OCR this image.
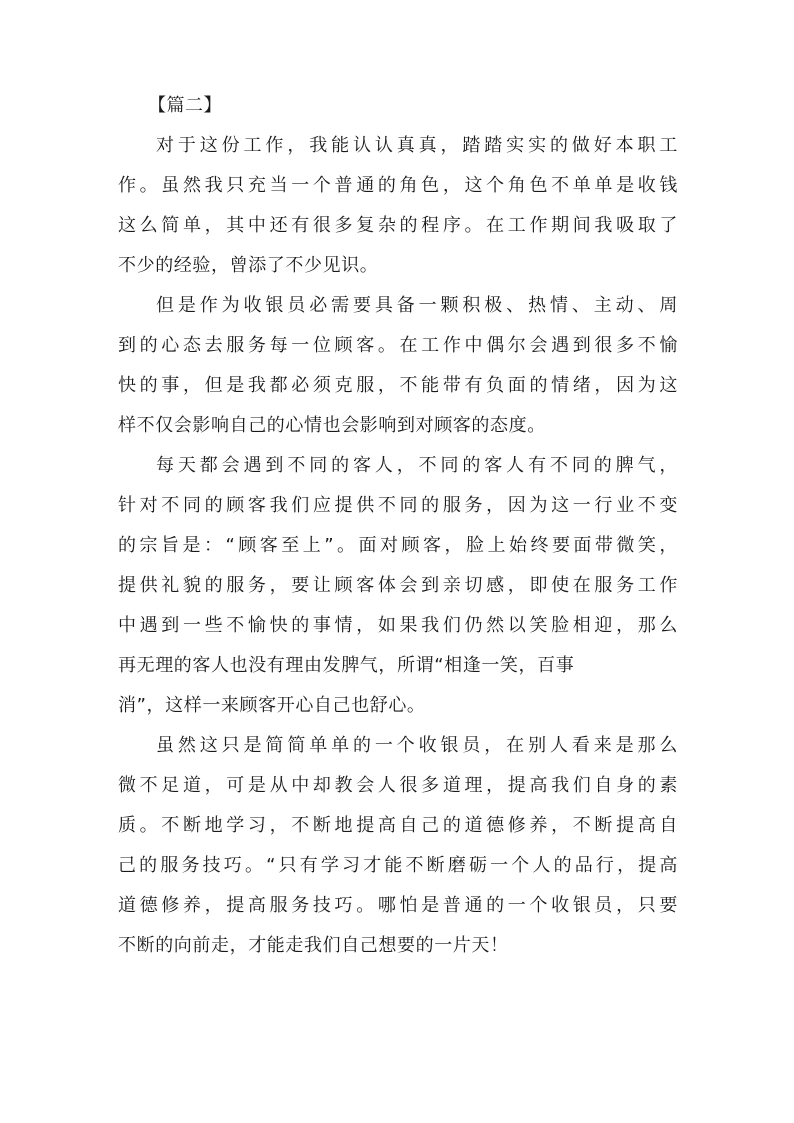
【篇二】
对于这份工作，我能认认真真，踏踏实实的做好本职工
作。虽然我只充当一个普通的角色，这个角色不单单是收钱
这么简单，其中还有很多复杂的程序。在工作期间我吸取了
不少的经验，曾添了不少见识。
但是作为收银员必需要具备一颗积极、热情、主动、周
到的心态去服务每一位顾客。在工作中偶尔会遇到很多不愉
快的事，但是我都必须克服，不能带有负面的情绪，因为这
样不仅会影响自己的心情也会影响到对顾客的态度。
每天都会遇到不同的客人，不同的客人有不同的脾气，
针对不同的顾客我们应提供不同的服务，因为这一行业不变
的宗旨是：“顾客至上”。面对顾客，脸上始终要面带微笑，
提供礼貌的服务，要让顾客体会到亲切感，即使在服务工作
中遇到一些不愉快的事情，如果我们仍然以笑脸相迎，那么
再无理的客人也没有理由发脾气，所谓“相逢一笑，百事
消”，这样一来顾客开心自己也舒心。
虽然这只是简简单单的一个收银员，在别人看来是那么
微不足道，可是从中却教会人很多道理，提高我们自身的素
质。不断地学习，不断地提高自己的道德修养，不断提高自
己的服务技巧。“只有学习才能不断磨砺一个人的品行，提高
道德修养，提高服务技巧。哪怕是普通的一个收银员，只要
不断的向前走，才能走我们自己想要的一片天！
